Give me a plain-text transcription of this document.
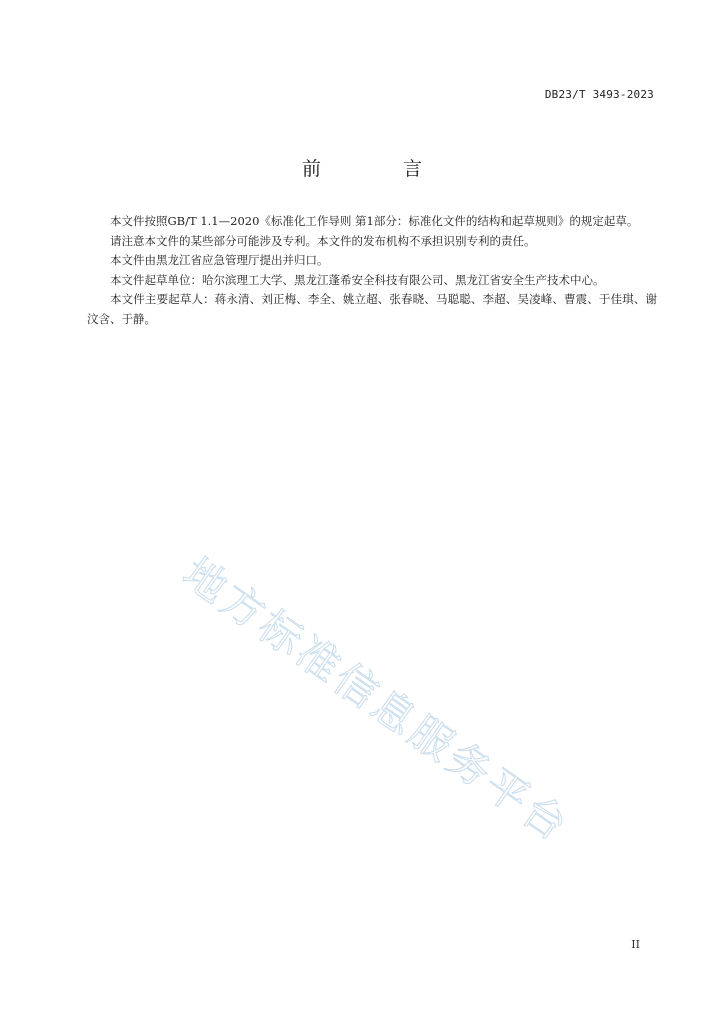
DB23/T 3493-2023
前 言

本文件按照GB/T 1.1—2020《标准化工作导则 第1部分：标准化文件的结构和起草规则》的规定起草。

请注意本文件的某些部分可能涉及专利。本文件的发布机构不承担识别专利的责任。

本文件由黑龙江省应急管理厅提出并归口。

本文件起草单位：哈尔滨理工大学、黑龙江蓬希安全科技有限公司、黑龙江省安全生产技术中心。

本文件主要起草人：蒋永清、刘正梅、李全、姚立超、张春晓、马聪聪、李超、吴凌峰、曹震、于佳琪、谢汶含、于静。

地方标准信息服务平台
II
